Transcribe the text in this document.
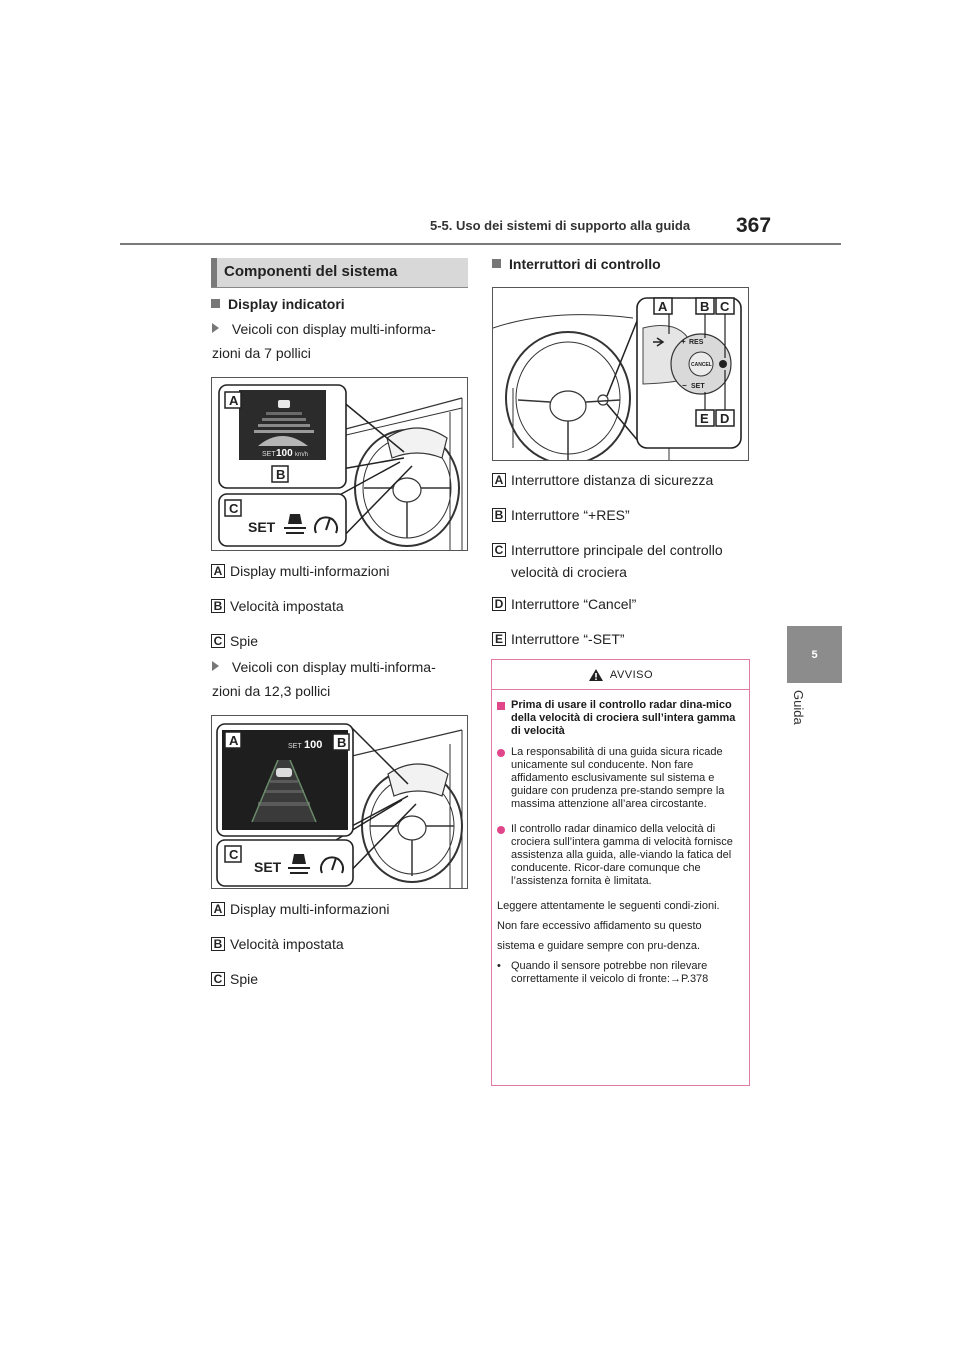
5-5. Uso dei sistemi di supporto alla guida 367
5
Guida
Componenti del sistema
Display indicatori
Veicoli con display multi-informa-zioni da 7 pollici
SET 100 km/h
SET
A
B
C
A Display multi-informazioni
B Velocità impostata
C Spie
Veicoli con display multi-informa-zioni da 12,3 pollici
SET 100
SET
A	B
C
A Display multi-informazioni
B Velocità impostata
C Spie
Interruttori di controllo
RES
CANCEL
SET
+
−
A	B C
E D
A Interruttore distanza di sicurezza
B Interruttore “+RES”
C Interruttore principale del controllo velocità di crociera
D Interruttore “Cancel”
E Interruttore “-SET”
AVVISO
Prima di usare il controllo radar dina-mico della velocità di crociera sull’intera gamma di velocità
La responsabilità di una guida sicura ricade unicamente sul conducente. Non fare affidamento esclusivamente sul sistema e guidare con prudenza pre-stando sempre la massima attenzione all’area circostante.
Il controllo radar dinamico della velocità di crociera sull’intera gamma di velocità fornisce assistenza alla guida, alle-viando la fatica del conducente. Ricor-dare comunque che l’assistenza fornita è limitata.
Leggere attentamente le seguenti condi-zioni. Non fare eccessivo affidamento su questo sistema e guidare sempre con pru-denza.
• Quando il sensore potrebbe non rilevare correttamente il veicolo di fronte:→P.378
